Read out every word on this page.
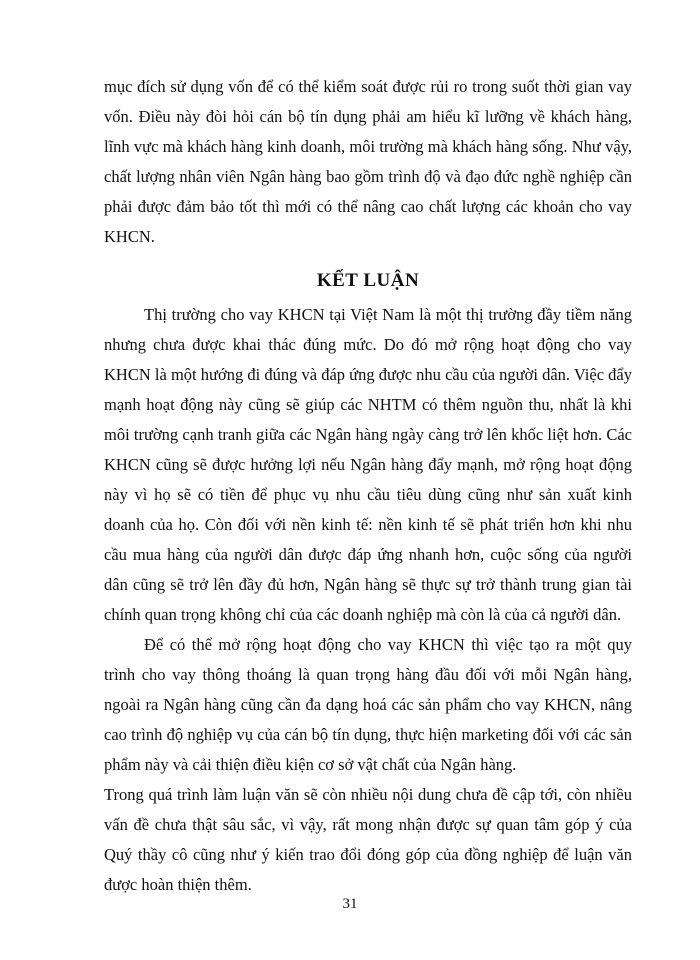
mục đích sử dụng vốn để có thể kiểm soát được rủi ro trong suốt thời gian vay vốn. Điều này đòi hỏi cán bộ tín dụng phải am hiểu kĩ lưỡng về khách hàng, lĩnh vực mà khách hàng kinh doanh, môi trường mà khách hàng sống. Như vậy, chất lượng nhân viên Ngân hàng bao gồm trình độ và đạo đức nghề nghiệp cần phải được đảm bảo tốt thì mới có thể nâng cao chất lượng các khoản cho vay KHCN.

KẾT LUẬN

Thị trường cho vay KHCN tại Việt Nam là một thị trường đầy tiềm năng nhưng chưa được khai thác đúng mức. Do đó mở rộng hoạt động cho vay KHCN là một hướng đi đúng và đáp ứng được nhu cầu của người dân. Việc đẩy mạnh hoạt động này cũng sẽ giúp các NHTM có thêm nguồn thu, nhất là khi môi trường cạnh tranh giữa các Ngân hàng ngày càng trở lên khốc liệt hơn. Các KHCN cũng sẽ được hưởng lợi nếu Ngân hàng đẩy mạnh, mở rộng hoạt động này vì họ sẽ có tiền để phục vụ nhu cầu tiêu dùng cũng như sản xuất kinh doanh của họ. Còn đối với nền kinh tế: nền kinh tế sẽ phát triển hơn khi nhu cầu mua hàng của người dân được đáp ứng nhanh hơn, cuộc sống của người dân cũng sẽ trở lên đầy đủ hơn, Ngân hàng sẽ thực sự trở thành trung gian tài chính quan trọng không chỉ của các doanh nghiệp mà còn là của cả người dân.

Để có thể mở rộng hoạt động cho vay KHCN thì việc tạo ra một quy trình cho vay thông thoáng là quan trọng hàng đầu đối với mỗi Ngân hàng, ngoài ra Ngân hàng cũng cần đa dạng hoá các sản phẩm cho vay KHCN, nâng cao trình độ nghiệp vụ của cán bộ tín dụng, thực hiện marketing đối với các sản phẩm này và cải thiện điều kiện cơ sở vật chất của Ngân hàng.

Trong quá trình làm luận văn sẽ còn nhiều nội dung chưa đề cập tới, còn nhiều vấn đề chưa thật sâu sắc, vì vậy, rất mong nhận được sự quan tâm góp ý của Quý thầy cô cũng như ý kiến trao đổi đóng góp của đồng nghiệp để luận văn được hoàn thiện thêm.

31
